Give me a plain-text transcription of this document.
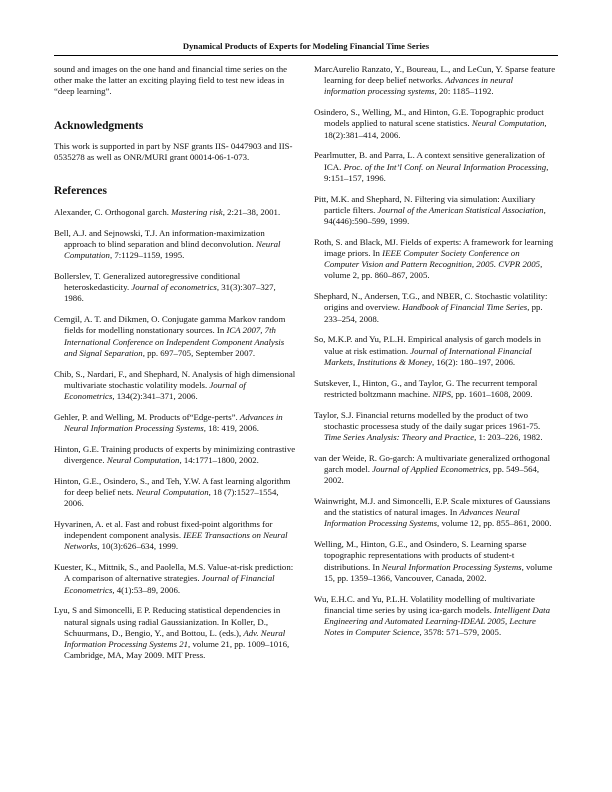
Dynamical Products of Experts for Modeling Financial Time Series

sound and images on the one hand and financial time series on the other make the latter an exciting playing field to test new ideas in “deep learning”.

Acknowledgments

This work is supported in part by NSF grants IIS- 0447903 and IIS-0535278 as well as ONR/MURI grant 00014-06-1-073.

References

Alexander, C. Orthogonal garch. Mastering risk, 2:21–38, 2001.

Bell, A.J. and Sejnowski, T.J. An information-maximization approach to blind separation and blind deconvolution. Neural Computation, 7:1129–1159, 1995.

Bollerslev, T. Generalized autoregressive conditional heteroskedasticity. Journal of econometrics, 31(3):307–327, 1986.

Cemgil, A. T. and Dikmen, O. Conjugate gamma Markov random fields for modelling nonstationary sources. In ICA 2007, 7th International Conference on Independent Component Analysis and Signal Separation, pp. 697–705, September 2007.

Chib, S., Nardari, F., and Shephard, N. Analysis of high dimensional multivariate stochastic volatility models. Journal of Econometrics, 134(2):341–371, 2006.

Gehler, P. and Welling, M. Products of“Edge-perts”. Advances in Neural Information Processing Systems, 18: 419, 2006.

Hinton, G.E. Training products of experts by minimizing contrastive divergence. Neural Computation, 14:1771–1800, 2002.

Hinton, G.E., Osindero, S., and Teh, Y.W. A fast learning algorithm for deep belief nets. Neural Computation, 18 (7):1527–1554, 2006.

Hyvarinen, A. et al. Fast and robust fixed-point algorithms for independent component analysis. IEEE Transactions on Neural Networks, 10(3):626–634, 1999.

Kuester, K., Mittnik, S., and Paolella, M.S. Value-at-risk prediction: A comparison of alternative strategies. Journal of Financial Econometrics, 4(1):53–89, 2006.

Lyu, S and Simoncelli, E P. Reducing statistical dependencies in natural signals using radial Gaussianization. In Koller, D., Schuurmans, D., Bengio, Y., and Bottou, L. (eds.), Adv. Neural Information Processing Systems 21, volume 21, pp. 1009–1016, Cambridge, MA, May 2009. MIT Press.

MarcAurelio Ranzato, Y., Boureau, L., and LeCun, Y. Sparse feature learning for deep belief networks. Advances in neural information processing systems, 20: 1185–1192.

Osindero, S., Welling, M., and Hinton, G.E. Topographic product models applied to natural scene statistics. Neural Computation, 18(2):381–414, 2006.

Pearlmutter, B. and Parra, L. A context sensitive generalization of ICA. Proc. of the Int’l Conf. on Neural Information Processing, 9:151–157, 1996.

Pitt, M.K. and Shephard, N. Filtering via simulation: Auxiliary particle filters. Journal of the American Statistical Association, 94(446):590–599, 1999.

Roth, S. and Black, MJ. Fields of experts: A framework for learning image priors. In IEEE Computer Society Conference on Computer Vision and Pattern Recognition, 2005. CVPR 2005, volume 2, pp. 860–867, 2005.

Shephard, N., Andersen, T.G., and NBER, C. Stochastic volatility: origins and overview. Handbook of Financial Time Series, pp. 233–254, 2008.

So, M.K.P. and Yu, P.L.H. Empirical analysis of garch models in value at risk estimation. Journal of International Financial Markets, Institutions & Money, 16(2): 180–197, 2006.

Sutskever, I., Hinton, G., and Taylor, G. The recurrent temporal restricted boltzmann machine. NIPS, pp. 1601–1608, 2009.

Taylor, S.J. Financial returns modelled by the product of two stochastic processesa study of the daily sugar prices 1961-75. Time Series Analysis: Theory and Practice, 1: 203–226, 1982.

van der Weide, R. Go-garch: A multivariate generalized orthogonal garch model. Journal of Applied Econometrics, pp. 549–564, 2002.

Wainwright, M.J. and Simoncelli, E.P. Scale mixtures of Gaussians and the statistics of natural images. In Advances Neural Information Processing Systems, volume 12, pp. 855–861, 2000.

Welling, M., Hinton, G.E., and Osindero, S. Learning sparse topographic representations with products of student-t distributions. In Neural Information Processing Systems, volume 15, pp. 1359–1366, Vancouver, Canada, 2002.

Wu, E.H.C. and Yu, P.L.H. Volatility modelling of multivariate financial time series by using ica-garch models. Intelligent Data Engineering and Automated Learning-IDEAL 2005, Lecture Notes in Computer Science, 3578: 571–579, 2005.
